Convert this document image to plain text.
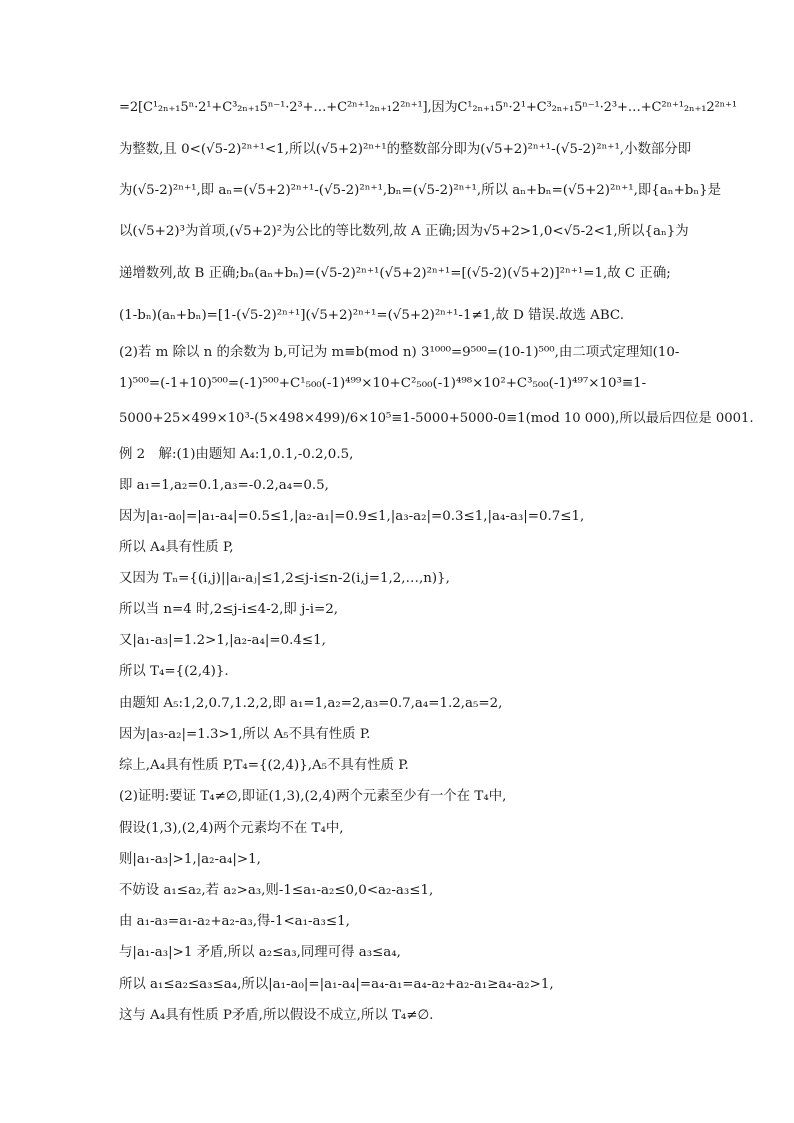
=2[C¹₂ₙ₊₁5ⁿ·2¹+C³₂ₙ₊₁5ⁿ⁻¹·2³+…+C²ⁿ⁺¹₂ₙ₊₁2²ⁿ⁺¹],因为C¹₂ₙ₊₁5ⁿ·2¹+C³₂ₙ₊₁5ⁿ⁻¹·2³+…+C²ⁿ⁺¹₂ₙ₊₁2²ⁿ⁺¹
为整数,且 0<(√5-2)²ⁿ⁺¹<1,所以(√5+2)²ⁿ⁺¹的整数部分即为(√5+2)²ⁿ⁺¹-(√5-2)²ⁿ⁺¹,小数部分即
为(√5-2)²ⁿ⁺¹,即 aₙ=(√5+2)²ⁿ⁺¹-(√5-2)²ⁿ⁺¹,bₙ=(√5-2)²ⁿ⁺¹,所以 aₙ+bₙ=(√5+2)²ⁿ⁺¹,即{aₙ+bₙ}是
以(√5+2)³为首项,(√5+2)²为公比的等比数列,故 A 正确;因为√5+2>1,0<√5-2<1,所以{aₙ}为
递增数列,故 B 正确;bₙ(aₙ+bₙ)=(√5-2)²ⁿ⁺¹(√5+2)²ⁿ⁺¹=[(√5-2)(√5+2)]²ⁿ⁺¹=1,故 C 正确;
(1-bₙ)(aₙ+bₙ)=[1-(√5-2)²ⁿ⁺¹](√5+2)²ⁿ⁺¹=(√5+2)²ⁿ⁺¹-1≠1,故 D 错误.故选 ABC.
(2)若 m 除以 n 的余数为 b,可记为 m≡b(mod n) 3¹⁰⁰⁰=9⁵⁰⁰=(10-1)⁵⁰⁰,由二项式定理知(10-
1)⁵⁰⁰=(-1+10)⁵⁰⁰=(-1)⁵⁰⁰+C¹₅₀₀(-1)⁴⁹⁹×10+C²₅₀₀(-1)⁴⁹⁸×10²+C³₅₀₀(-1)⁴⁹⁷×10³≡1-
5000+25×499×10³-(5×498×499)/6×10⁵≡1-5000+5000-0≡1(mod 10 000),所以最后四位是 0001.
例 2　解:(1)由题知 A₄:1,0.1,-0.2,0.5,
即 a₁=1,a₂=0.1,a₃=-0.2,a₄=0.5,
因为|a₁-a₀|=|a₁-a₄|=0.5≤1,|a₂-a₁|=0.9≤1,|a₃-a₂|=0.3≤1,|a₄-a₃|=0.7≤1,
所以 A₄具有性质 P,
又因为 Tₙ={(i,j)||aᵢ-aⱼ|≤1,2≤j-i≤n-2(i,j=1,2,…,n)},
所以当 n=4 时,2≤j-i≤4-2,即 j-i=2,
又|a₁-a₃|=1.2>1,|a₂-a₄|=0.4≤1,
所以 T₄={(2,4)}.
由题知 A₅:1,2,0.7,1.2,2,即 a₁=1,a₂=2,a₃=0.7,a₄=1.2,a₅=2,
因为|a₃-a₂|=1.3>1,所以 A₅不具有性质 P.
综上,A₄具有性质 P,T₄={(2,4)},A₅不具有性质 P.
(2)证明:要证 T₄≠∅,即证(1,3),(2,4)两个元素至少有一个在 T₄中,
假设(1,3),(2,4)两个元素均不在 T₄中,
则|a₁-a₃|>1,|a₂-a₄|>1,
不妨设 a₁≤a₂,若 a₂>a₃,则-1≤a₁-a₂≤0,0<a₂-a₃≤1,
由 a₁-a₃=a₁-a₂+a₂-a₃,得-1<a₁-a₃≤1,
与|a₁-a₃|>1 矛盾,所以 a₂≤a₃,同理可得 a₃≤a₄,
所以 a₁≤a₂≤a₃≤a₄,所以|a₁-a₀|=|a₁-a₄|=a₄-a₁=a₄-a₂+a₂-a₁≥a₄-a₂>1,
这与 A₄具有性质 P矛盾,所以假设不成立,所以 T₄≠∅.
